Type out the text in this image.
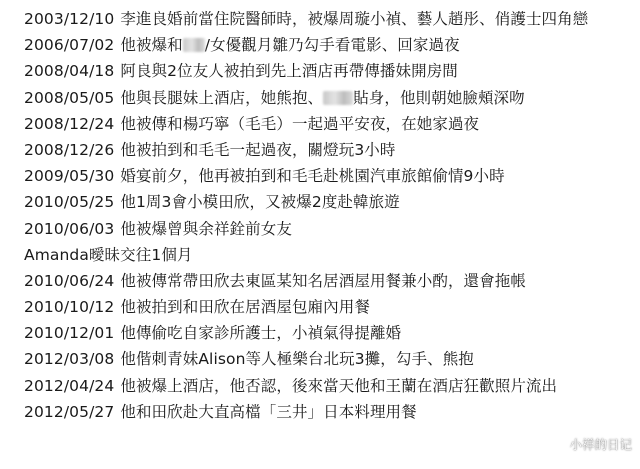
2003/12/10 李進良婚前當住院醫師時，被爆周璇小禎、藝人趙彤、俏護士四角戀
2006/07/02 他被爆和 /女優觀月雛乃勾手看電影、回家過夜
2008/04/18 阿良與2位友人被拍到先上酒店再帶傳播妹開房間
2008/05/05 他與長腿妹上酒店，她熊抱、 貼身，他則朝她臉頰深吻
2008/12/24 他被傳和楊巧寧（毛毛）一起過平安夜，在她家過夜
2008/12/26 他被拍到和毛毛一起過夜，關燈玩3小時
2009/05/30 婚宴前夕，他再被拍到和毛毛赴桃園汽車旅館偷情9小時
2010/05/25 他1周3會小模田欣，又被爆2度赴韓旅遊
2010/06/03 他被爆曾與余祥銓前女友
Amanda曖昧交往1個月
2010/06/24 他被傳常帶田欣去東區某知名居酒屋用餐兼小酌，還會拖帳
2010/10/12 他被拍到和田欣在居酒屋包廂內用餐
2010/12/01 他傳偷吃自家診所護士，小禎氣得提離婚
2012/03/08 他偕刺青妹Alison等人極樂台北玩3攤，勾手、熊抱
2012/04/24 他被爆上酒店，他否認，後來當天他和王蘭在酒店狂歡照片流出
2012/05/27 他和田欣赴大直高檔「三井」日本料理用餐
小祥的日记
